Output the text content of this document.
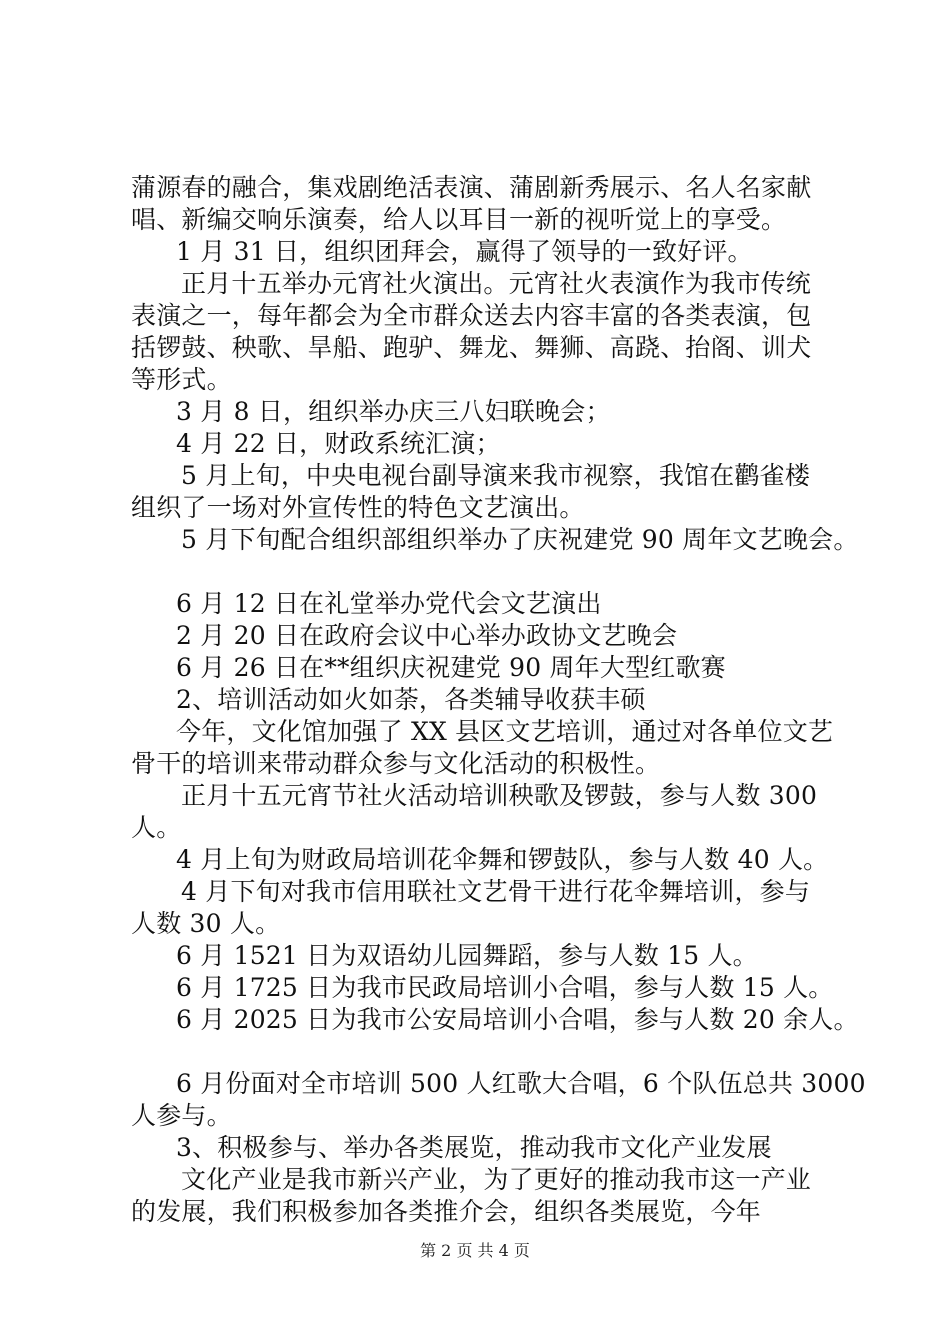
蒲源春的融合，集戏剧绝活表演、蒲剧新秀展示、名人名家献
唱、新编交响乐演奏，给人以耳目一新的视听觉上的享受。
1 月 31 日，组织团拜会，赢得了领导的一致好评。
正月十五举办元宵社火演出。元宵社火表演作为我市传统
表演之一，每年都会为全市群众送去内容丰富的各类表演，包
括锣鼓、秧歌、旱船、跑驴、舞龙、舞狮、高跷、抬阁、训犬
等形式。
3 月 8 日，组织举办庆三八妇联晚会；
4 月 22 日，财政系统汇演；
5 月上旬，中央电视台副导演来我市视察，我馆在鹳雀楼
组织了一场对外宣传性的特色文艺演出。
5 月下旬配合组织部组织举办了庆祝建党 90 周年文艺晚会。
6 月 12 日在礼堂举办党代会文艺演出
2 月 20 日在政府会议中心举办政协文艺晚会
6 月 26 日在**组织庆祝建党 90 周年大型红歌赛
2、培训活动如火如荼，各类辅导收获丰硕
今年，文化馆加强了 XX 县区文艺培训，通过对各单位文艺
骨干的培训来带动群众参与文化活动的积极性。
正月十五元宵节社火活动培训秧歌及锣鼓，参与人数 300
人。
4 月上旬为财政局培训花伞舞和锣鼓队，参与人数 40 人。
4 月下旬对我市信用联社文艺骨干进行花伞舞培训，参与
人数 30 人。
6 月 1521 日为双语幼儿园舞蹈，参与人数 15 人。
6 月 1725 日为我市民政局培训小合唱，参与人数 15 人。
6 月 2025 日为我市公安局培训小合唱，参与人数 20 余人。
6 月份面对全市培训 500 人红歌大合唱，6 个队伍总共 3000
人参与。
3、积极参与、举办各类展览，推动我市文化产业发展
文化产业是我市新兴产业，为了更好的推动我市这一产业
的发展，我们积极参加各类推介会，组织各类展览，今年
第 2 页 共 4 页
